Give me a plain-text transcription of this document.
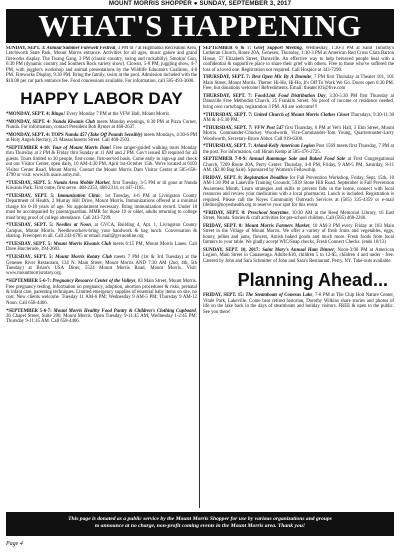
MOUNT MORRIS SHOPPER ● SUNDAY, SEPTEMBER 3, 2017
WHAT'S HAPPENING
SUNDAY, SEPT. 3: Annual Summer Farewell Festival, 3 PM til ? at Highbanks Recreation Area, Letchworth State Park, Mount Morris entrance. Activities for all ages, music galore and grand fireworks display. The Twang Gang, 3 PM (classic country, swing and rockabilly). Smokin' Gun, 6:30 PM (dynamic country and Southern Rock variety show). Clowns, 5-8 PM, juggling show, 4-7 PM, with juggler's workshop and animal presentations by the Wildlife Educators Coalition, 4-8 PM. Fireworks Display, 9:30 PM. Bring the family, swim at the pool. Admission included with the $10.00 per car park entrance fee. Food concessions available. For information, call 585-493-3600.
HAPPY LABOR DAY
*MONDAY, SEPT. 4: Bingo! Every Monday 7 PM at the VFW Hall, Mount Morris.
*MONDAY, SEPT. 4: Nunda Kiwanis Club meets Monday evenings, 6:30 PM at Pizza Corner, Nunda. For information, contact President Bob Rymer at 468-2637.
*MONDAY, SEPT. 4: TOPS Nunda 457 (Take Off Pounds Sensibly) meets Mondays, 4:30-6 PM at Holy Angels Rectory, 21 Massachusetts Street. Call 468-2503.
*SEPTEMBER 4-10: Tour of Mount Morris Dam! Free ranger-guided walking tours Monday thru Thursday at 2 PM & Friday thru Sunday at 11 AM and 2 PM. Gov't issued ID required for all guests. Tours limited to 30 people, first-come, first-served basis. Come early to sign-up and check out our Visitor Center, open daily, 10 AM-4:30 PM, April 1st-October 15th. We're located at 6103 Visitor Center Road, Mount Morris. Contact the Mount Morris Dam Visitor Center at 585-658-4790 or visit: www.lrb.usace.army.mil.
*TUESDAY, SEPT. 5: Nunda Area Mobile Market, first Tuesday, 3-5 PM or til gone at Nunda Kiwanis Park. First come, first serve. 468-2353, 468-2314, or 447-1165.
*TUESDAY, SEPT. 5: Immunization Clinic, 1st Tuesday, 4-6 PM at Livingston County Department of Health, 2 Murray Hill Drive, Mount Morris. Immunizations offered at a minimal charge for 0-18 years of age. No appointment necessary. Bring immunization record. Under 18 must be accompanied by parent/guardian. MMR for those 19 or older, adults returning to college must bring proof of college attendance. Call 243-7299.
*TUESDAY, SEPT. 5: Needles at Noon, at GVCA, Building 4, Apt. 1, Livingston County Campus, Mount Morris. Needleworkers-bring your handwork & bag lunch. Conversation & sharing. Free/open to all. Call 243-6785 or email: mail@gvcaonline.org
*TUESDAY, SEPT. 5: Mount Morris Kiwanis Club meets 6:15 PM, Mount Morris Lanes. Call Dave Harclerode, 394-2603.
*TUESDAY, SEPT. 5: Mount Morris Rotary Club meets 7 PM (1st & 3rd Tuesday) at the Genesee River Restaurant, 134 N. Main Street, Mount Morris AND 7:30 AM (2nd, 4th, 5th Tuesday) at Brian's USA Diner, 5524 Mount Morris Road, Mount Morris. Visit: www.mountmorrisrotary.org.
*SEPTEMBER 5-6-7: Pregnancy Resource Center of the Valleys, 83 Main Street, Mount Morris. Free pregnancy testing, information on pregnancy, adoption, abortion procedures & risks, prenatal & infant care, parenting techniques. Limited emergency supplies of essential baby items on site, no cost. New clients welcome. Tuesday 11 AM-6 PM; Wednesday 9 AM-5 PM; Thursday 9 AM-12 Noon. Call 658-4466.
*SEPTEMBER 5-6-7: Mount Morris Healthy Food Pantry & Children's Clothing Cupboard, 36 Chapel Street, Suite 200, Mount Morris. Open Tuesday, 9-11:45 AM; Wednesday 1-2:45 PM; Thursday 9-11:45 AM. Call 658-4466.
SEPTEMBER 6 & 7: Grief Support Meeting, Wednesday, 1:30-3 PM at Saint Timothy's Lutheran Church, Route 20A, Geneseo; Thursday, 1:30-3 PM at American Red Cross Clara Barton House, 57 Elizabeth Street, Dansville. An effective way to help bereaved people heal with a confidential & supportive place to share their grief with others. Free to those who've suffered the loss of a loved one. Registration not required. Call Hospice at 343-7290.
THURSDAY, SEPT. 7: Best Open Mic By A Dunnite, 7 PM first Thursday at Theater 101, 101 Main Street, Mount Morris. Theme: Hi-Ho, Hi-Ho, It's Off To Work We Go. Doors open 6:30 PM. Free, but donations welcome! Refreshments. Email: theater101@live.com
THURSDAY, SEPT. 7: Food/Link Food Distribution Day, 3:30-5:30 PM first Thursday at Dansville Free Methodist Church, 25 Franklin Street. No proof of income or residence needed, bring own carts/bags, registration 3 PM. All are welcome!!!
*THURSDAY, SEPT. 7: United Church of Mount Morris Clothes Closet Thursdays, 9:30-11:30 AM & 4-5:30 PM.
*THURSDAY, SEPT. 7: VFW Post 547 first Thursday, 6 PM at Vet's Hall, 3 Elm Street, Mount Morris. Commander-Chuckey Woodworth, Vice-Commander-Tom Young, Quartermaster-Larry Woodworth, Secretary-Bruce Abbot. Call 919-6300.
*THURSDAY, SEPT. 7: Arland-Kelly American Legion Post 1569 meets first Thursday, 7 PM at the post. For information, call Hiram Kemp at 585-476-2725.
SEPTEMBER 7-8-9: Annual Rummage Sale and Baked Food Sale at First Congregational Church, 7209 Route 20A, Perry Center. Thursday, 4-8 PM, Friday, 9 AM-5 PM, Saturday, 8-11 AM. ($2.00 Bag Sale). Sponsored by Women's Fellowship.
FRIDAY, SEPT. 8: Registration Deadline for Fall Prevention Workshop, Friday, Sept. 15th, 10 AM-1:30 PM at Lakeville Training Grounds, 5939 Stone Hill Road. September is Fall Prevention Awareness Month. Learn strategies and skills to prevent falls in the home, connect with local resources and review your medication with a local pharmacist. Lunch is included. Registration is required. Please call the Noyes Community Outreach Services at (585) 335-4359 or e-mail lifeline@noyeshealth.org to reserve your spot for this event.
*FRIDAY, SEPT. 8: Preschool Storytime, 10:30 AM at the Reed Memorial Library, 16 East Street, Nunda. Stories & craft activities for pre-school children. Call (585) 468-2266.
FRIDAY, SEPT. 8: Mount Morris Farmers Market, 10 AM-3 PM every Friday at 103 Main Street in the Village of Mount Morris. We offer a variety of fresh fruits and vegetables, eggs, honey, jellies and jams, flowers, Amish baked goods and much more. Fresh foods from local farmers to your table. We gladly accept WIC/Snap checks, Fresh Connect Checks. (ends 10/13)
SUNDAY, SEPT. 10, 2017: Saint Mary's Annual Ham Dinner, Noon-3:00 PM at American Legion, Main Street in Canaseraga. Adults-$10, children 5 to 12-$5, children 4 and under - free. Catered by John and Sara Schmitter of John and Sara's Restaurant, Perry, NY. Take-outs available.
Planning Ahead...
FRIDAY, SEPT. 15: The Steamboats of Conesus Lake, 7-8 PM at The Chip Holt Nature Center, Vitale Park, Lakeville. Come hear retired historian, Dorothy Wilkins share stories and photos of life on the lake back in the days of steamboats and holiday visitors. FREE & open to the public. See you there!
This page is donated as a public service by the Mount Morris Shopper for use by various organizations and groups
to announce at no charge, non-profit coming events in the Mount Morris area. Thank you!
Page 4
